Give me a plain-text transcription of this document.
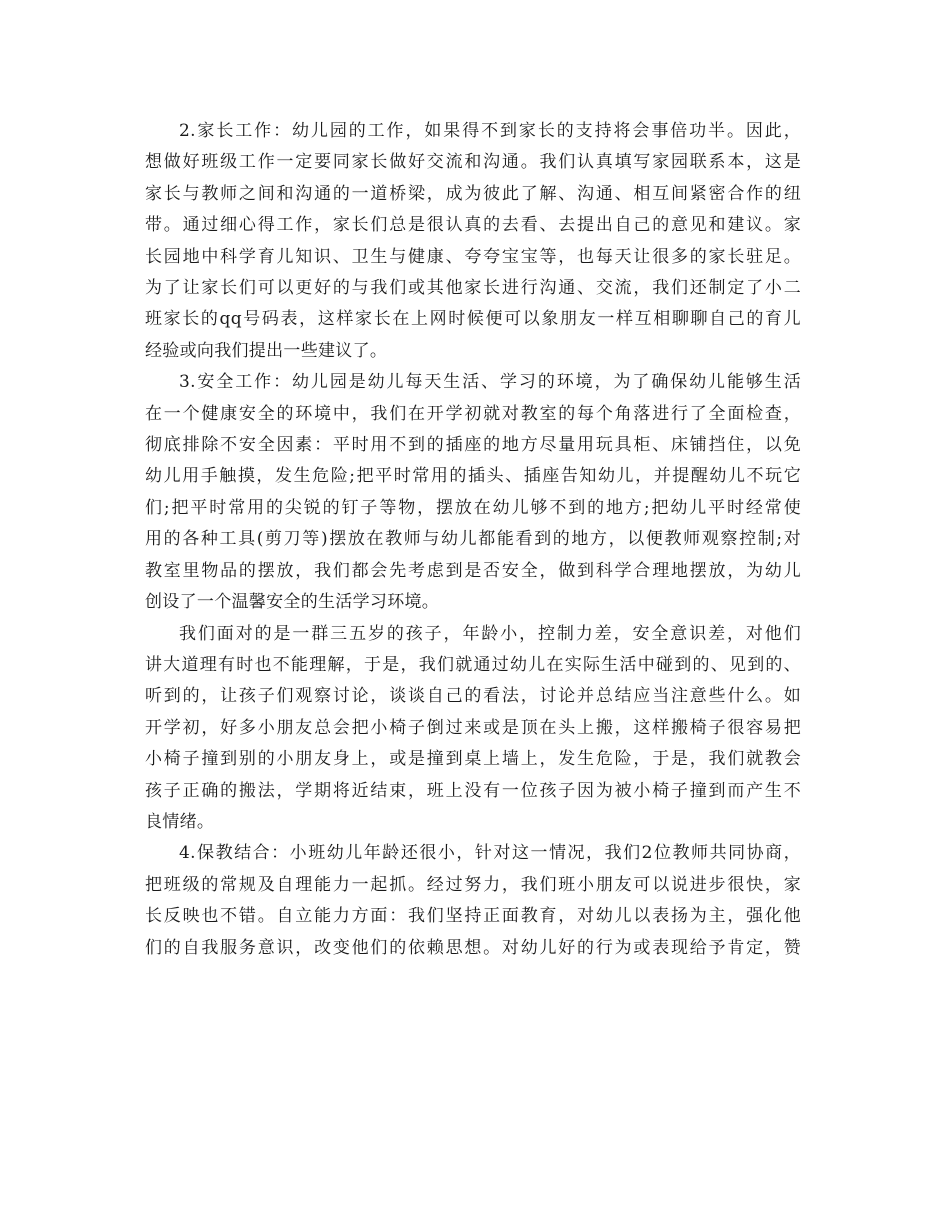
2.家长工作：幼儿园的工作，如果得不到家长的支持将会事倍功半。因此，
想做好班级工作一定要同家长做好交流和沟通。我们认真填写家园联系本，这是
家长与教师之间和沟通的一道桥梁，成为彼此了解、沟通、相互间紧密合作的纽
带。通过细心得工作，家长们总是很认真的去看、去提出自己的意见和建议。家
长园地中科学育儿知识、卫生与健康、夸夸宝宝等，也每天让很多的家长驻足。
为了让家长们可以更好的与我们或其他家长进行沟通、交流，我们还制定了小二
班家长的qq号码表，这样家长在上网时候便可以象朋友一样互相聊聊自己的育儿
经验或向我们提出一些建议了。
3.安全工作：幼儿园是幼儿每天生活、学习的环境，为了确保幼儿能够生活
在一个健康安全的环境中，我们在开学初就对教室的每个角落进行了全面检查，
彻底排除不安全因素：平时用不到的插座的地方尽量用玩具柜、床铺挡住，以免
幼儿用手触摸，发生危险;把平时常用的插头、插座告知幼儿，并提醒幼儿不玩它
们;把平时常用的尖锐的钉子等物，摆放在幼儿够不到的地方;把幼儿平时经常使
用的各种工具(剪刀等)摆放在教师与幼儿都能看到的地方，以便教师观察控制;对
教室里物品的摆放，我们都会先考虑到是否安全，做到科学合理地摆放，为幼儿
创设了一个温馨安全的生活学习环境。
我们面对的是一群三五岁的孩子，年龄小，控制力差，安全意识差，对他们
讲大道理有时也不能理解，于是，我们就通过幼儿在实际生活中碰到的、见到的、
听到的，让孩子们观察讨论，谈谈自己的看法，讨论并总结应当注意些什么。如
开学初，好多小朋友总会把小椅子倒过来或是顶在头上搬，这样搬椅子很容易把
小椅子撞到别的小朋友身上，或是撞到桌上墙上，发生危险，于是，我们就教会
孩子正确的搬法，学期将近结束，班上没有一位孩子因为被小椅子撞到而产生不
良情绪。
4.保教结合：小班幼儿年龄还很小，针对这一情况，我们2位教师共同协商，
把班级的常规及自理能力一起抓。经过努力，我们班小朋友可以说进步很快，家
长反映也不错。自立能力方面：我们坚持正面教育，对幼儿以表扬为主，强化他
们的自我服务意识，改变他们的依赖思想。对幼儿好的行为或表现给予肯定，赞
